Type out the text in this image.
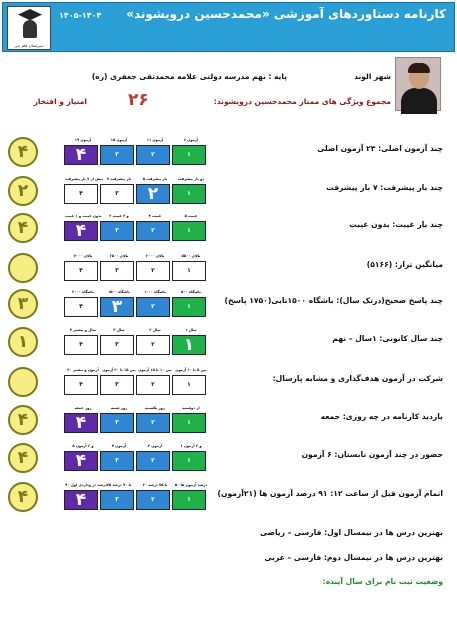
دبیرستان قلم چی
۱۴۰۵-۱۴۰۴ کارنامه دستاوردهای آموزشی «محمدحسین درویشوند»
شهر الوند
پایه : نهم مدرسه دولتی علامه محمدتقی جعفری (ره)
مجموع ویژگی های ممتاز محمدحسین درویشوند:
۲۶
امتیاز و افتخار
۴
۶ آزمون
۱
۱۱ آزمون
۲
۱۵ آزمون
۳
۱۹ آزمون
۴	چند آزمون اصلی: ۲۳ آزمون اصلی
۲
دو بار پیشرفت
۱
۵ بار پیشرفت
۲
۷ بار پیشرفت
۳
بیش از ۷ بار پیشرفت
۴
چند بار پیشرفت: ۷ بار پیشرفت
۴
۵ غیبت
۱
۴ غیبت
۲
۲ و ۳ غیبت
۳
بدون غیبت و ۱ غیبت
۴	چند بار غیبت: بدون غیبت
بالای ۵۵۰۰
۱
بالای ۶۰۰۰
۲
بالای ۶۵۰۰
۳
بالای ۷۰۰۰
۴
میانگین تراز: (۵۱۶۶)
۳
باشگاه ۵۰۰
۱
باشگاه ۱۰۰۰
۲
باشگاه ۱۵۰۰
۳
باشگاه ۲۰۰۰
۴
چند پاسخ صحیح(درتک سال): باشگاه ۱۵۰۰تایی(۱۷۵۰ پاسخ)
۱
۱ سال
۱
۲ سال
۲
۳ سال
۳
۴ سال و بیشتر
۴
چند سال کانونی: ۱سال – نهم
بین ۵ تا ۱۰ آزمون
۱
بین ۱۰ تا ۱۵ آزمون
۲
بین ۱۵ تا ۲۰ آزمون
۳
۲۰ آزمون و بیشتر
۴
شرکت در آزمون هدف‌گذاری و مشابه پارسال:
۴
از دوشنبه
۱
روز یکشنبه
۲
روز شنبه
۳
روز جمعه
۴	بازدید کارنامه در چه روزی: جمعه
۴
۱ و ۲ آزمون
۱
۳ آزمون
۲
۴ آزمون
۳
۵ و ۶ آزمون
۴	حضور در چند آزمون تابستان: ۶ آزمون
۴
۵۰ درصد آزمون ها
۱
۶۰ تا ۷۵ درصد
۲
۷۵ تا ۹۰ درصد
۳
۹۰ درصد در وداردی اول
۴	اتمام آزمون قبل از ساعت ۱۲: ۹۱ درصد آزمون ها (۲۱آزمون)
بهترین درس ها در نیمسال اول: فارسی – ریاضی
بهترین درس ها در نیمسال دوم: فارسی – عربی
وضعیت ثبت نام برای سال آینده:
